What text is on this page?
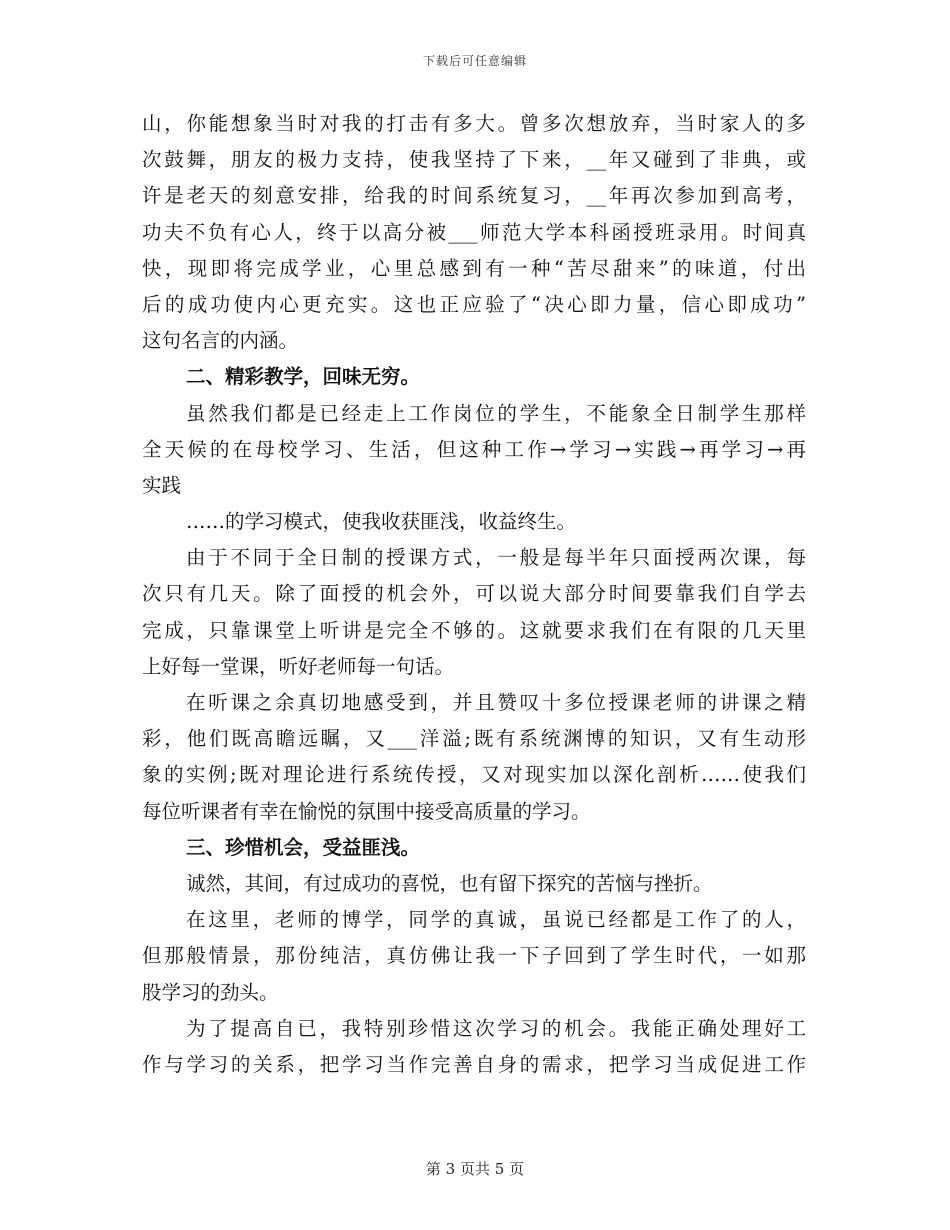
下载后可任意编辑
山，你能想象当时对我的打击有多大。曾多次想放弃，当时家人的多
次鼓舞，朋友的极力支持，使我坚持了下来，__年又碰到了非典，或
许是老天的刻意安排，给我的时间系统复习，__年再次参加到高考，
功夫不负有心人，终于以高分被___师范大学本科函授班录用。时间真
快，现即将完成学业，心里总感到有一种“苦尽甜来”的味道，付出
后的成功使内心更充实。这也正应验了“决心即力量，信心即成功”
这句名言的内涵。
二、精彩教学，回味无穷。
虽然我们都是已经走上工作岗位的学生，不能象全日制学生那样
全天候的在母校学习、生活，但这种工作→学习→实践→再学习→再
实践
……的学习模式，使我收获匪浅，收益终生。
由于不同于全日制的授课方式，一般是每半年只面授两次课，每
次只有几天。除了面授的机会外，可以说大部分时间要靠我们自学去
完成，只靠课堂上听讲是完全不够的。这就要求我们在有限的几天里
上好每一堂课，听好老师每一句话。
在听课之余真切地感受到，并且赞叹十多位授课老师的讲课之精
彩，他们既高瞻远瞩，又___洋溢;既有系统渊博的知识，又有生动形
象的实例;既对理论进行系统传授，又对现实加以深化剖析……使我们
每位听课者有幸在愉悦的氛围中接受高质量的学习。
三、珍惜机会，受益匪浅。
诚然，其间，有过成功的喜悦，也有留下探究的苦恼与挫折。
在这里，老师的博学，同学的真诚，虽说已经都是工作了的人，
但那般情景，那份纯洁，真仿佛让我一下子回到了学生时代，一如那
股学习的劲头。
为了提高自已，我特别珍惜这次学习的机会。我能正确处理好工
作与学习的关系，把学习当作完善自身的需求，把学习当成促进工作
第 3 页共 5 页
